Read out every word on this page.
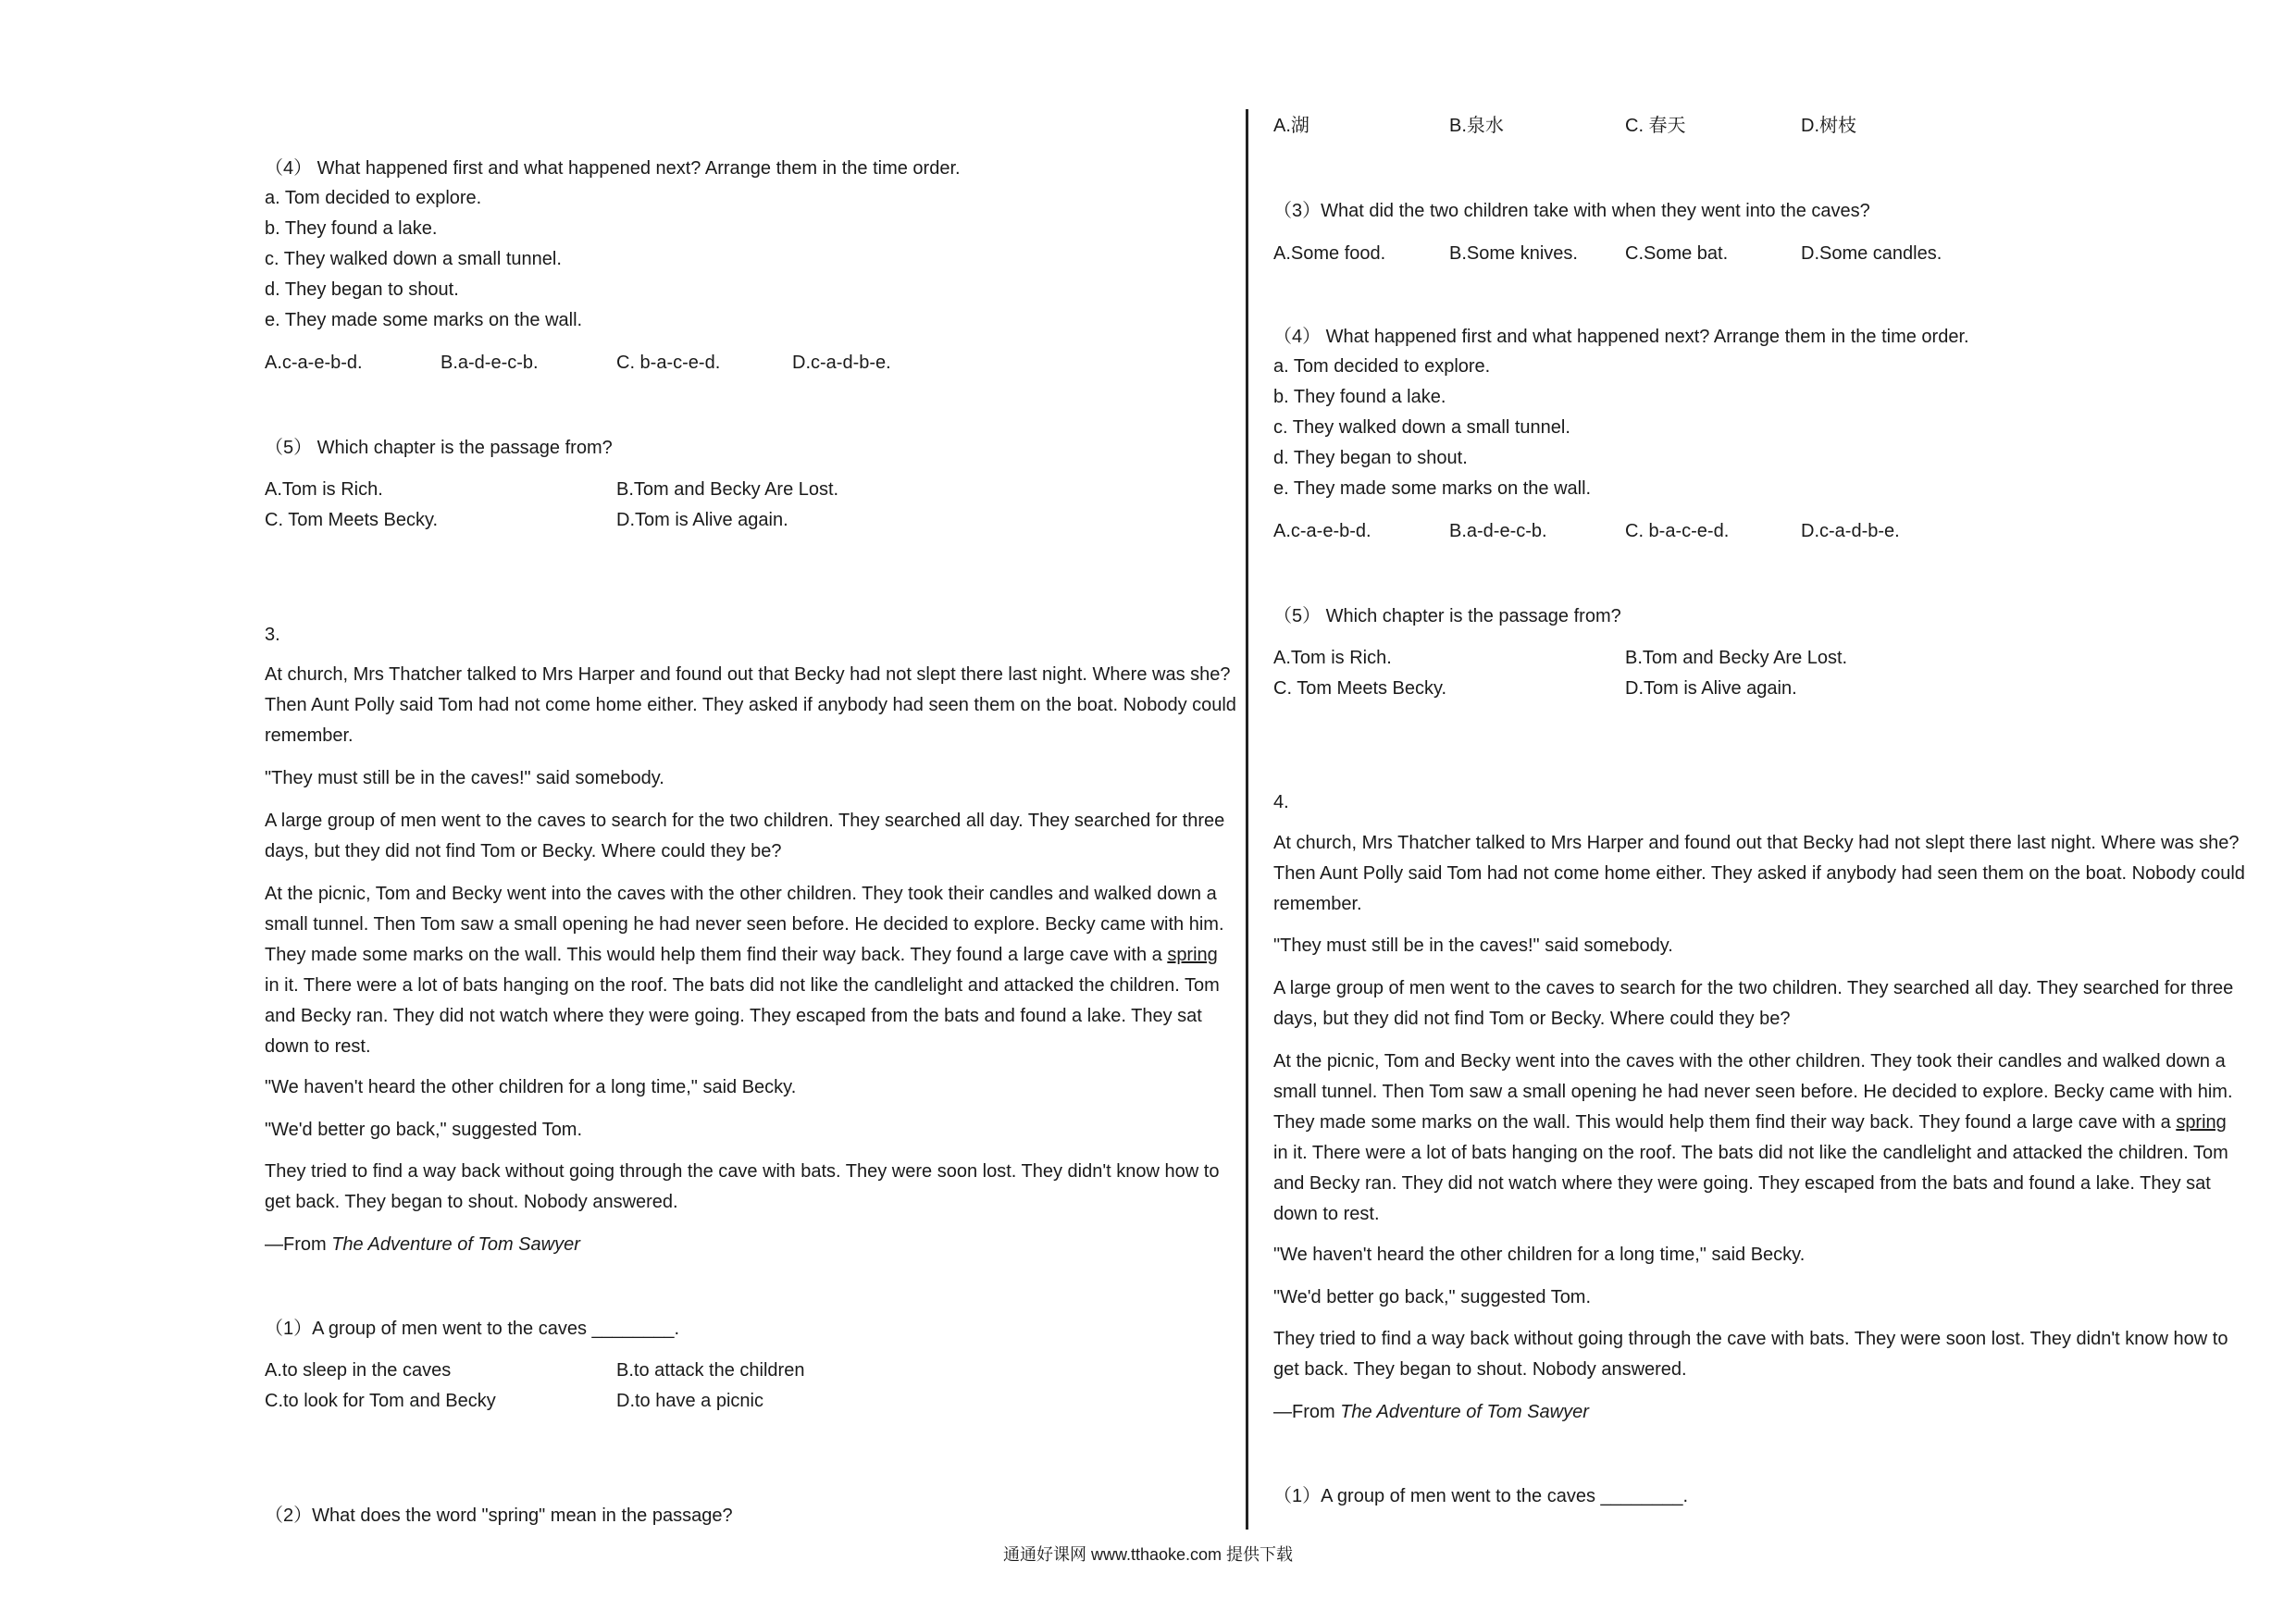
（4） What happened first and what happened next? Arrange them in the time order.
a. Tom decided to explore.
b. They found a lake.
c. They walked down a small tunnel.
d. They began to shout.
e. They made some marks on the wall.
A.c-a-e-b-d.	B.a-d-e-c-b.	C. b-a-c-e-d.	D.c-a-d-b-e.
（5） Which chapter is the passage from?
A.Tom is Rich.	B.Tom and Becky Are Lost.
C. Tom Meets Becky.	D.Tom is Alive again.
3.
At church, Mrs Thatcher talked to Mrs Harper and found out that Becky had not slept there last night. Where was she? Then Aunt Polly said Tom had not come home either. They asked if anybody had seen them on the boat. Nobody could remember.
"They must still be in the caves!" said somebody.
A large group of men went to the caves to search for the two children. They searched all day. They searched for three days, but they did not find Tom or Becky. Where could they be?
At the picnic, Tom and Becky went into the caves with the other children. They took their candles and walked down a small tunnel. Then Tom saw a small opening he had never seen before. He decided to explore. Becky came with him. They made some marks on the wall. This would help them find their way back. They found a large cave with a spring in it. There were a lot of bats hanging on the roof. The bats did not like the candlelight and attacked the children. Tom and Becky ran. They did not watch where they were going. They escaped from the bats and found a lake. They sat down to rest.
"We haven't heard the other children for a long time," said Becky.
"We'd better go back," suggested Tom.
They tried to find a way back without going through the cave with bats. They were soon lost. They didn't know how to get back. They began to shout. Nobody answered.
—From The Adventure of Tom Sawyer
（1）A group of men went to the caves ________.
A.to sleep in the caves	B.to attack the children
C.to look for Tom and Becky	D.to have a picnic
（2）What does the word "spring" mean in the passage?
A.湖	B.泉水	C. 春天	D.树枝
（3）What did the two children take with when they went into the caves?
A.Some food.	B.Some knives.	C.Some bat.	D.Some candles.
（4） What happened first and what happened next? Arrange them in the time order.
a. Tom decided to explore.
b. They found a lake.
c. They walked down a small tunnel.
d. They began to shout.
e. They made some marks on the wall.
A.c-a-e-b-d.	B.a-d-e-c-b.	C. b-a-c-e-d.	D.c-a-d-b-e.
（5） Which chapter is the passage from?
A.Tom is Rich.	B.Tom and Becky Are Lost.
C. Tom Meets Becky.	D.Tom is Alive again.
4.
At church, Mrs Thatcher talked to Mrs Harper and found out that Becky had not slept there last night. Where was she? Then Aunt Polly said Tom had not come home either. They asked if anybody had seen them on the boat. Nobody could remember.
"They must still be in the caves!" said somebody.
A large group of men went to the caves to search for the two children. They searched all day. They searched for three days, but they did not find Tom or Becky. Where could they be?
At the picnic, Tom and Becky went into the caves with the other children. They took their candles and walked down a small tunnel. Then Tom saw a small opening he had never seen before. He decided to explore. Becky came with him. They made some marks on the wall. This would help them find their way back. They found a large cave with a spring in it. There were a lot of bats hanging on the roof. The bats did not like the candlelight and attacked the children. Tom and Becky ran. They did not watch where they were going. They escaped from the bats and found a lake. They sat down to rest.
"We haven't heard the other children for a long time," said Becky.
"We'd better go back," suggested Tom.
They tried to find a way back without going through the cave with bats. They were soon lost. They didn't know how to get back. They began to shout. Nobody answered.
—From The Adventure of Tom Sawyer
（1）A group of men went to the caves ________.
通通好课网 www.tthaoke.com 提供下载
